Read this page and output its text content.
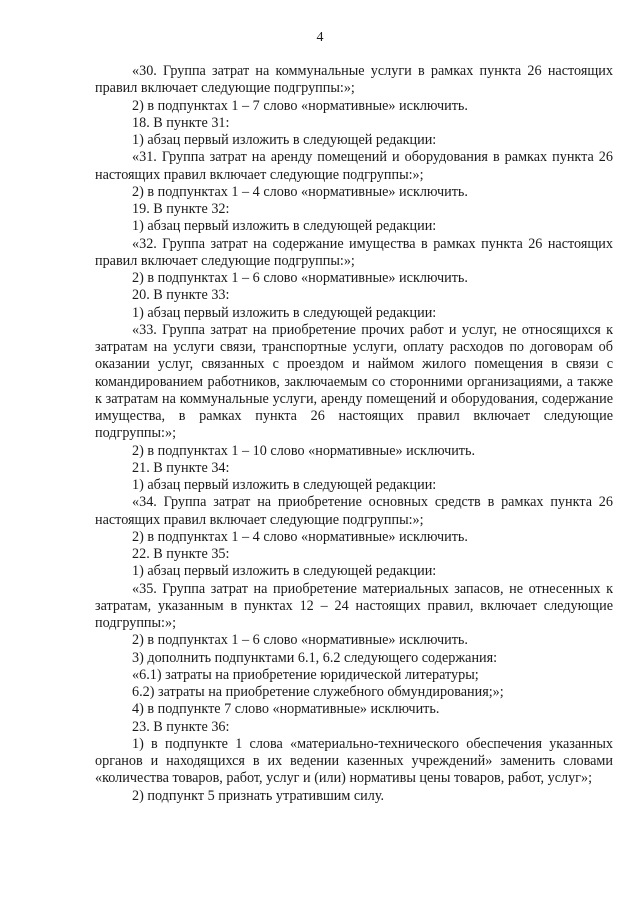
4

«30. Группа затрат на коммунальные услуги в рамках пункта 26 настоящих правил включает следующие подгруппы:»;

2) в подпунктах 1 – 7 слово «нормативные» исключить.

18. В пункте 31:

1) абзац первый изложить в следующей редакции:

«31. Группа затрат на аренду помещений и оборудования в рамках пункта 26 настоящих правил включает следующие подгруппы:»;

2) в подпунктах 1 – 4 слово «нормативные» исключить.

19. В пункте 32:

1) абзац первый изложить в следующей редакции:

«32. Группа затрат на содержание имущества в рамках пункта 26 настоящих правил включает следующие подгруппы:»;

2) в подпунктах 1 – 6 слово «нормативные» исключить.

20. В пункте 33:

1) абзац первый изложить в следующей редакции:

«33. Группа затрат на приобретение прочих работ и услуг, не относящихся к затратам на услуги связи, транспортные услуги, оплату расходов по договорам об оказании услуг, связанных с проездом и наймом жилого помещения в связи с командированием работников, заключаемым со сторонними организациями, а также к затратам на коммунальные услуги, аренду помещений и оборудования, содержание имущества, в рамках пункта 26 настоящих правил включает следующие подгруппы:»;

2) в подпунктах 1 – 10 слово «нормативные» исключить.

21. В пункте 34:

1) абзац первый изложить в следующей редакции:

«34. Группа затрат на приобретение основных средств в рамках пункта 26 настоящих правил включает следующие подгруппы:»;

2) в подпунктах 1 – 4 слово «нормативные» исключить.

22. В пункте 35:

1) абзац первый изложить в следующей редакции:

«35. Группа затрат на приобретение материальных запасов, не отнесенных к затратам, указанным в пунктах 12 – 24 настоящих правил, включает следующие подгруппы:»;

2) в подпунктах 1 – 6 слово «нормативные» исключить.

3) дополнить подпунктами 6.1, 6.2 следующего содержания:

«6.1) затраты на приобретение юридической литературы;

6.2) затраты на приобретение служебного обмундирования;»;

4) в подпункте 7 слово «нормативные» исключить.

23. В пункте 36:

1) в подпункте 1 слова «материально-технического обеспечения указанных органов и находящихся в их ведении казенных учреждений» заменить словами «количества товаров, работ, услуг и (или) нормативы цены товаров, работ, услуг»;

2) подпункт 5 признать утратившим силу.
